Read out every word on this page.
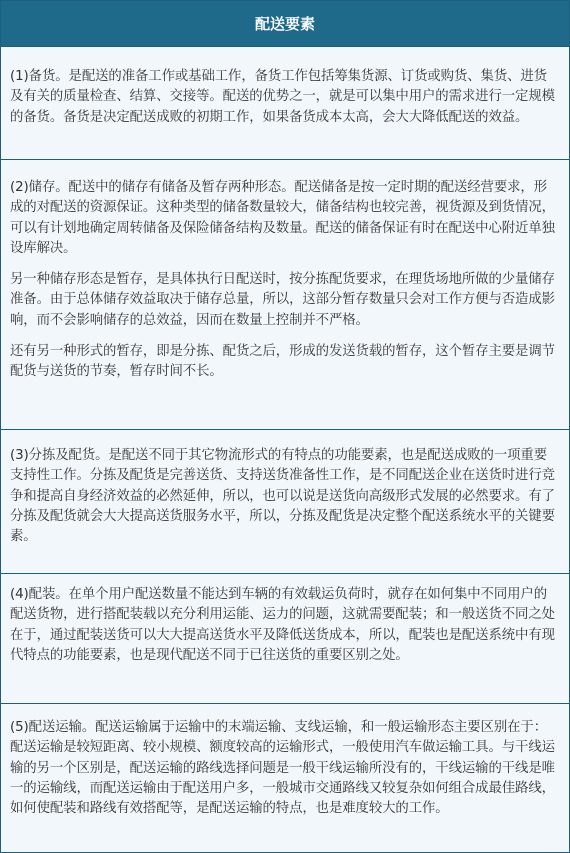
配送要素

(1)备货。是配送的准备工作或基础工作，备货工作包括筹集货源、订货或购货、集货、进货及有关的质量检查、结算、交接等。配送的优势之一，就是可以集中用户的需求进行一定规模的备货。备货是决定配送成败的初期工作，如果备货成本太高，会大大降低配送的效益。

(2)储存。配送中的储存有储备及暂存两种形态。配送储备是按一定时期的配送经营要求，形成的对配送的资源保证。这种类型的储备数量较大，储备结构也较完善，视货源及到货情况，可以有计划地确定周转储备及保险储备结构及数量。配送的储备保证有时在配送中心附近单独设库解决。

另一种储存形态是暂存，是具体执行日配送时，按分拣配货要求，在理货场地所做的少量储存准备。由于总体储存效益取决于储存总量，所以，这部分暂存数量只会对工作方便与否造成影响，而不会影响储存的总效益，因而在数量上控制并不严格。

还有另一种形式的暂存，即是分拣、配货之后，形成的发送货载的暂存，这个暂存主要是调节配货与送货的节奏，暂存时间不长。

(3)分拣及配货。是配送不同于其它物流形式的有特点的功能要素，也是配送成败的一项重要支持性工作。分拣及配货是完善送货、支持送货准备性工作，是不同配送企业在送货时进行竞争和提高自身经济效益的必然延伸，所以，也可以说是送货向高级形式发展的必然要求。有了分拣及配货就会大大提高送货服务水平，所以，分拣及配货是决定整个配送系统水平的关键要素。

(4)配装。在单个用户配送数量不能达到车辆的有效载运负荷时，就存在如何集中不同用户的配送货物，进行搭配装载以充分利用运能、运力的问题，这就需要配装；和一般送货不同之处在于，通过配装送货可以大大提高送货水平及降低送货成本，所以，配装也是配送系统中有现代特点的功能要素，也是现代配送不同于已往送货的重要区别之处。

(5)配送运输。配送运输属于运输中的末端运输、支线运输，和一般运输形态主要区别在于：配送运输是较短距离、较小规模、额度较高的运输形式，一般使用汽车做运输工具。与干线运输的另一个区别是，配送运输的路线选择问题是一般干线运输所没有的，干线运输的干线是唯一的运输线，而配送运输由于配送用户多，一般城市交通路线又较复杂如何组合成最佳路线，如何使配装和路线有效搭配等，是配送运输的特点，也是难度较大的工作。
